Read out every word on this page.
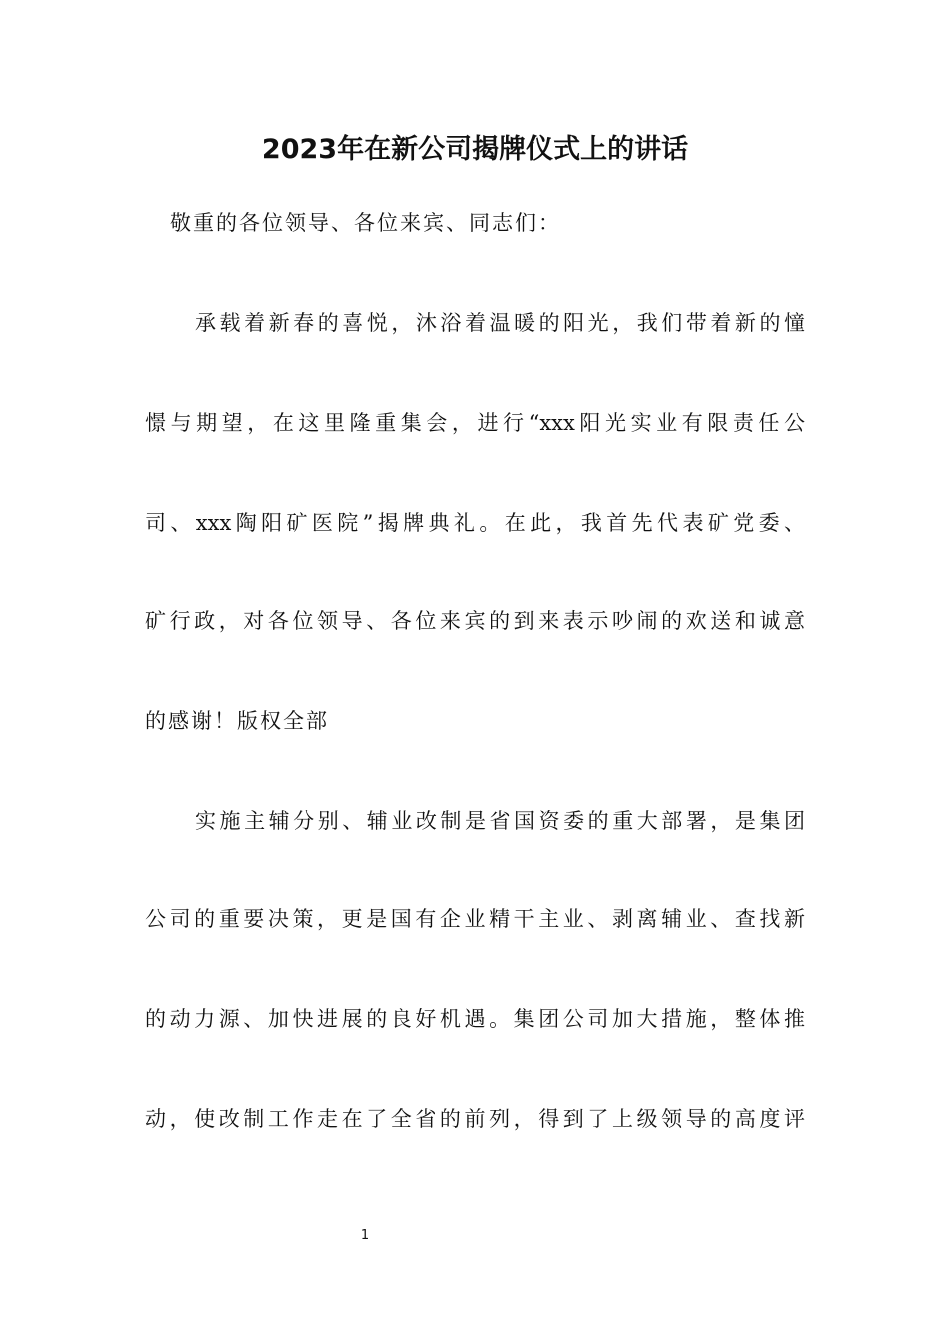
2023年在新公司揭牌仪式上的讲话
敬重的各位领导、各位来宾、同志们：
承载着新春的喜悦，沐浴着温暖的阳光，我们带着新的憧
憬与期望，在这里隆重集会，进行“xxx阳光实业有限责任公
司、xxx陶阳矿医院”揭牌典礼。在此，我首先代表矿党委、
矿行政，对各位领导、各位来宾的到来表示吵闹的欢送和诚意
的感谢！版权全部
实施主辅分别、辅业改制是省国资委的重大部署，是集团
公司的重要决策，更是国有企业精干主业、剥离辅业、查找新
的动力源、加快进展的良好机遇。集团公司加大措施，整体推
动，使改制工作走在了全省的前列，得到了上级领导的高度评
1
